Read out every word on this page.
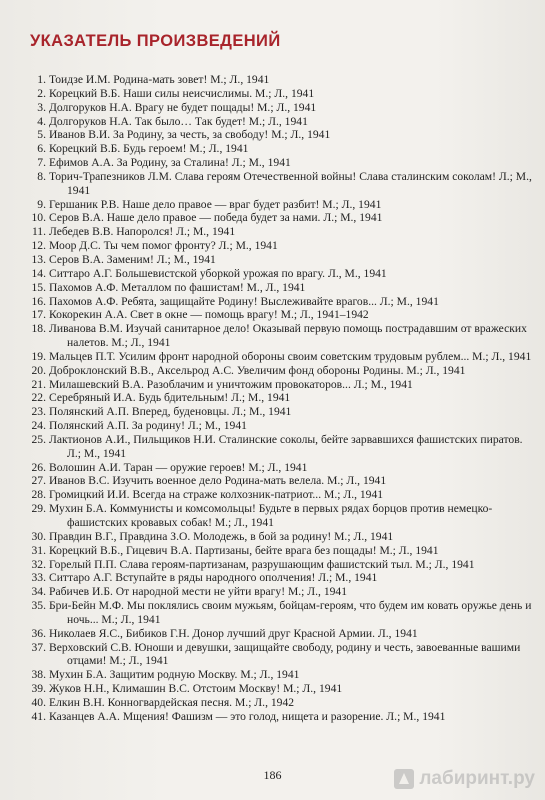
УКАЗАТЕЛЬ ПРОИЗВЕДЕНИЙ
1. Тоидзе И.М. Родина-мать зовет! М.; Л., 1941
2. Корецкий В.Б. Наши силы неисчислимы. М.; Л., 1941
3. Долгоруков Н.А. Врагу не будет пощады! М.; Л., 1941
4. Долгоруков Н.А. Так было… Так будет! М.; Л., 1941
5. Иванов В.И. За Родину, за честь, за свободу! М.; Л., 1941
6. Корецкий В.Б. Будь героем! М.; Л., 1941
7. Ефимов А.А. За Родину, за Сталина! Л.; М., 1941
8. Торич-Трапезников Л.М. Слава героям Отечественной войны! Слава сталинским соколам! Л.; М., 1941
9. Гершаник Р.В. Наше дело правое — враг будет разбит! М.; Л., 1941
10. Серов В.А. Наше дело правое — победа будет за нами. Л.; М., 1941
11. Лебедев В.В. Напоролся! Л.; М., 1941
12. Моор Д.С. Ты чем помог фронту? Л.; М., 1941
13. Серов В.А. Заменим! Л.; М., 1941
14. Ситтаро А.Г. Большевистской уборкой урожая по врагу. Л., М., 1941
15. Пахомов А.Ф. Металлом по фашистам! М., Л., 1941
16. Пахомов А.Ф. Ребята, защищайте Родину! Выслеживайте врагов... Л.; М., 1941
17. Кокорекин А.А. Свет в окне — помощь врагу! М.; Л., 1941–1942
18. Ливанова В.М. Изучай санитарное дело! Оказывай первую помощь пострадавшим от вражеских налетов. М.; Л., 1941
19. Мальцев П.Т. Усилим фронт народной обороны своим советским трудовым рублем... М.; Л., 1941
20. Доброклонский В.В., Аксельрод А.С. Увеличим фонд обороны Родины. М.; Л., 1941
21. Милашевский В.А. Разоблачим и уничтожим провокаторов... Л.; М., 1941
22. Серебряный И.А. Будь бдительным! Л.; М., 1941
23. Полянский А.П. Вперед, буденовцы. Л.; М., 1941
24. Полянский А.П. За родину! Л.; М., 1941
25. Лактионов А.И., Пильщиков Н.И. Сталинские соколы, бейте зарвавшихся фашистских пиратов. Л.; М., 1941
26. Волошин А.И. Таран — оружие героев! М.; Л., 1941
27. Иванов В.С. Изучить военное дело Родина-мать велела. М.; Л., 1941
28. Громицкий И.И. Всегда на страже колхозник-патриот... М.; Л., 1941
29. Мухин Б.А. Коммунисты и комсомольцы! Будьте в первых рядах борцов против немецко-фашистских кровавых собак! М.; Л., 1941
30. Правдин В.Г., Правдина З.О. Молодежь, в бой за родину! М.; Л., 1941
31. Корецкий В.Б., Гицевич В.А. Партизаны, бейте врага без пощады! М.; Л., 1941
32. Горелый П.П. Слава героям-партизанам, разрушающим фашистский тыл. М.; Л., 1941
33. Ситтаро А.Г. Вступайте в ряды народного ополчения! Л.; М., 1941
34. Рабичев И.Б. От народной мести не уйти врагу! М.; Л., 1941
35. Бри-Бейн М.Ф. Мы поклялись своим мужьям, бойцам-героям, что будем им ковать оружье день и ночь... М.; Л., 1941
36. Николаев Я.С., Бибиков Г.Н. Донор лучший друг Красной Армии. Л., 1941
37. Верховский С.В. Юноши и девушки, защищайте свободу, родину и честь, завоеванные вашими отцами! М.; Л., 1941
38. Мухин Б.А. Защитим родную Москву. М.; Л., 1941
39. Жуков Н.Н., Климашин В.С. Отстоим Москву! М.; Л., 1941
40. Елкин В.Н. Конногвардейская песня. М.; Л., 1942
41. Казанцев А.А. Мщения! Фашизм — это голод, нищета и разорение. Л.; М., 1941
186	лабиринт.ру
